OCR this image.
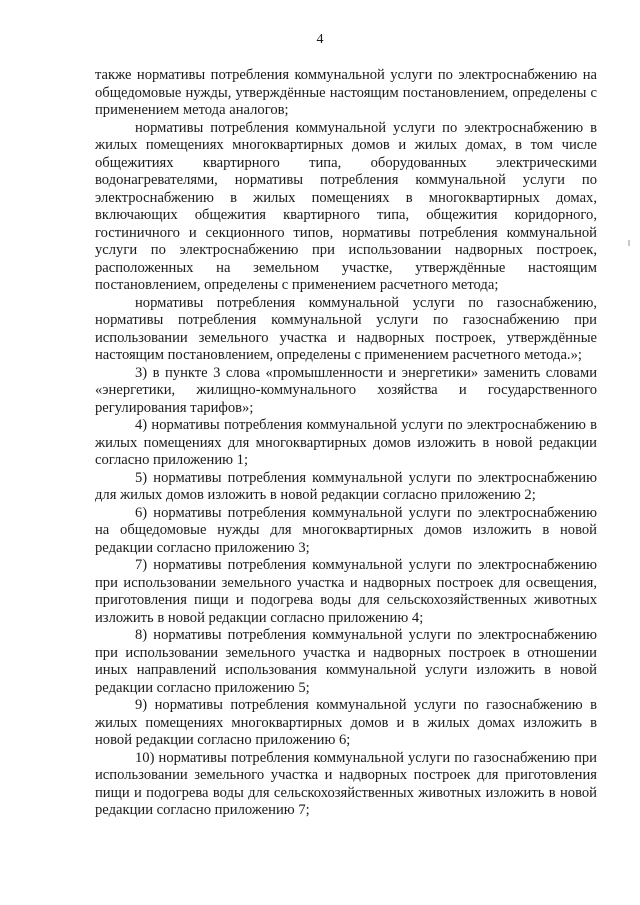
4

также нормативы потребления коммунальной услуги по электроснабжению на общедомовые нужды, утверждённые настоящим постановлением, определены с применением метода аналогов;

нормативы потребления коммунальной услуги по электроснабжению в жилых помещениях многоквартирных домов и жилых домах, в том числе общежитиях квартирного типа, оборудованных электрическими водонагревателями, нормативы потребления коммунальной услуги по электроснабжению в жилых помещениях в многоквартирных домах, включающих общежития квартирного типа, общежития коридорного, гостиничного и секционного типов, нормативы потребления коммунальной услуги по электроснабжению при использовании надворных построек, расположенных на земельном участке, утверждённые настоящим постановлением, определены с применением расчетного метода;

нормативы потребления коммунальной услуги по газоснабжению, нормативы потребления коммунальной услуги по газоснабжению при использовании земельного участка и надворных построек, утверждённые настоящим постановлением, определены с применением расчетного метода.»;

3) в пункте 3 слова «промышленности и энергетики» заменить словами «энергетики, жилищно-коммунального хозяйства и государственного регулирования тарифов»;

4) нормативы потребления коммунальной услуги по электроснабжению в жилых помещениях для многоквартирных домов изложить в новой редакции согласно приложению 1;

5) нормативы потребления коммунальной услуги по электроснабжению для жилых домов изложить в новой редакции согласно приложению 2;

6) нормативы потребления коммунальной услуги по электроснабжению на общедомовые нужды для многоквартирных домов изложить в новой редакции согласно приложению 3;

7) нормативы потребления коммунальной услуги по электроснабжению при использовании земельного участка и надворных построек для освещения, приготовления пищи и подогрева воды для сельскохозяйственных животных изложить в новой редакции согласно приложению 4;

8) нормативы потребления коммунальной услуги по электроснабжению при использовании земельного участка и надворных построек в отношении иных направлений использования коммунальной услуги изложить в новой редакции согласно приложению 5;

9) нормативы потребления коммунальной услуги по газоснабжению в жилых помещениях многоквартирных домов и в жилых домах изложить в новой редакции согласно приложению 6;

10) нормативы потребления коммунальной услуги по газоснабжению при использовании земельного участка и надворных построек для приготовления пищи и подогрева воды для сельскохозяйственных животных изложить в новой редакции согласно приложению 7;
